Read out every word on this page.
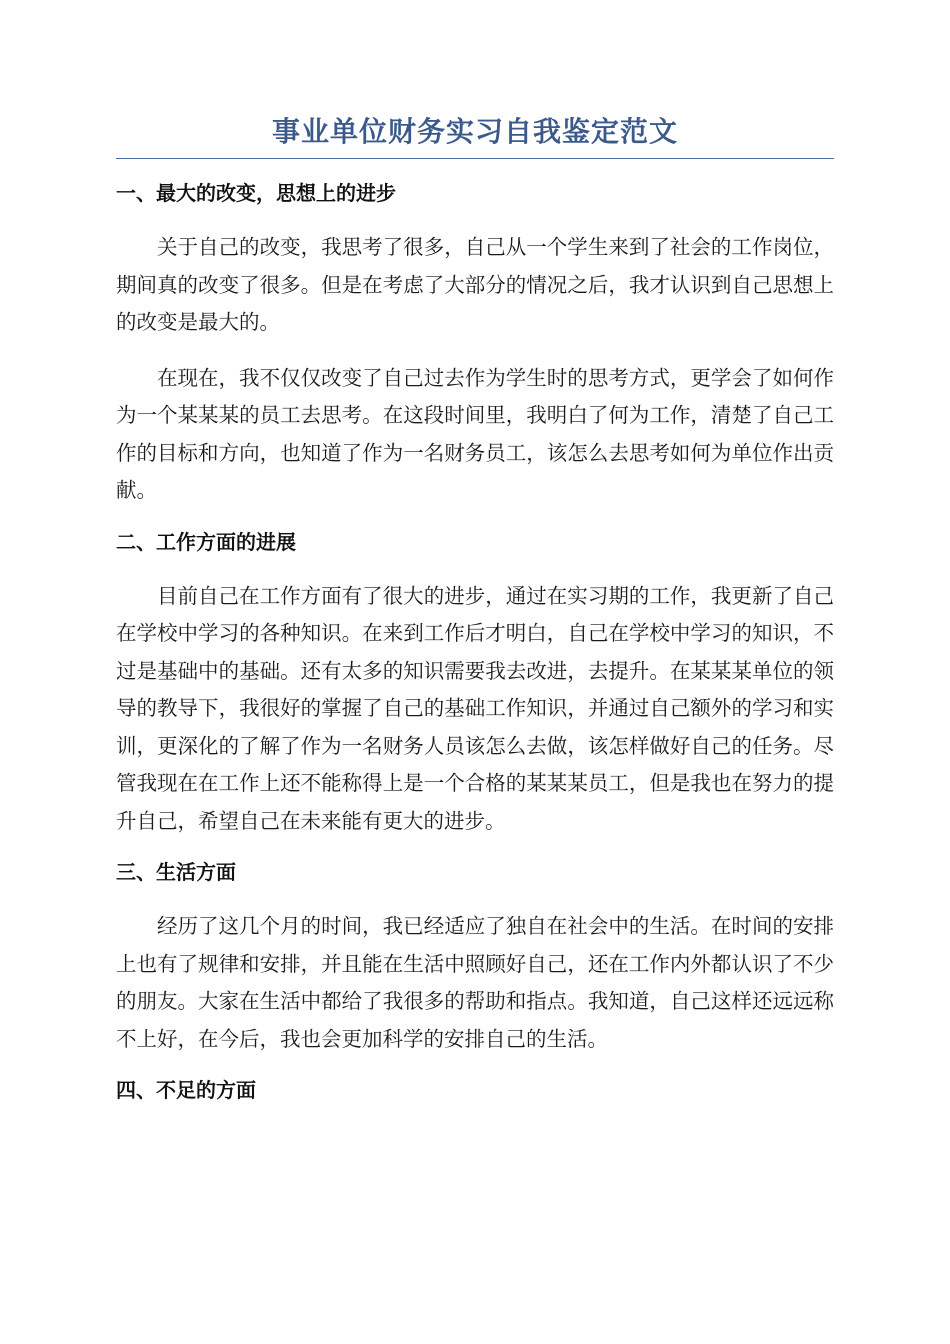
事业单位财务实习自我鉴定范文
一、最大的改变，思想上的进步

关于自己的改变，我思考了很多，自己从一个学生来到了社会的工作岗位，期间真的改变了很多。但是在考虑了大部分的情况之后，我才认识到自己思想上的改变是最大的。

在现在，我不仅仅改变了自己过去作为学生时的思考方式，更学会了如何作为一个某某某的员工去思考。在这段时间里，我明白了何为工作，清楚了自己工作的目标和方向，也知道了作为一名财务员工，该怎么去思考如何为单位作出贡献。

二、工作方面的进展

目前自己在工作方面有了很大的进步，通过在实习期的工作，我更新了自己在学校中学习的各种知识。在来到工作后才明白，自己在学校中学习的知识，不过是基础中的基础。还有太多的知识需要我去改进，去提升。在某某某单位的领导的教导下，我很好的掌握了自己的基础工作知识，并通过自己额外的学习和实训，更深化的了解了作为一名财务人员该怎么去做，该怎样做好自己的任务。尽管我现在在工作上还不能称得上是一个合格的某某某员工，但是我也在努力的提升自己，希望自己在未来能有更大的进步。

三、生活方面

经历了这几个月的时间，我已经适应了独自在社会中的生活。在时间的安排上也有了规律和安排，并且能在生活中照顾好自己，还在工作内外都认识了不少的朋友。大家在生活中都给了我很多的帮助和指点。我知道，自己这样还远远称不上好，在今后，我也会更加科学的安排自己的生活。

四、不足的方面
